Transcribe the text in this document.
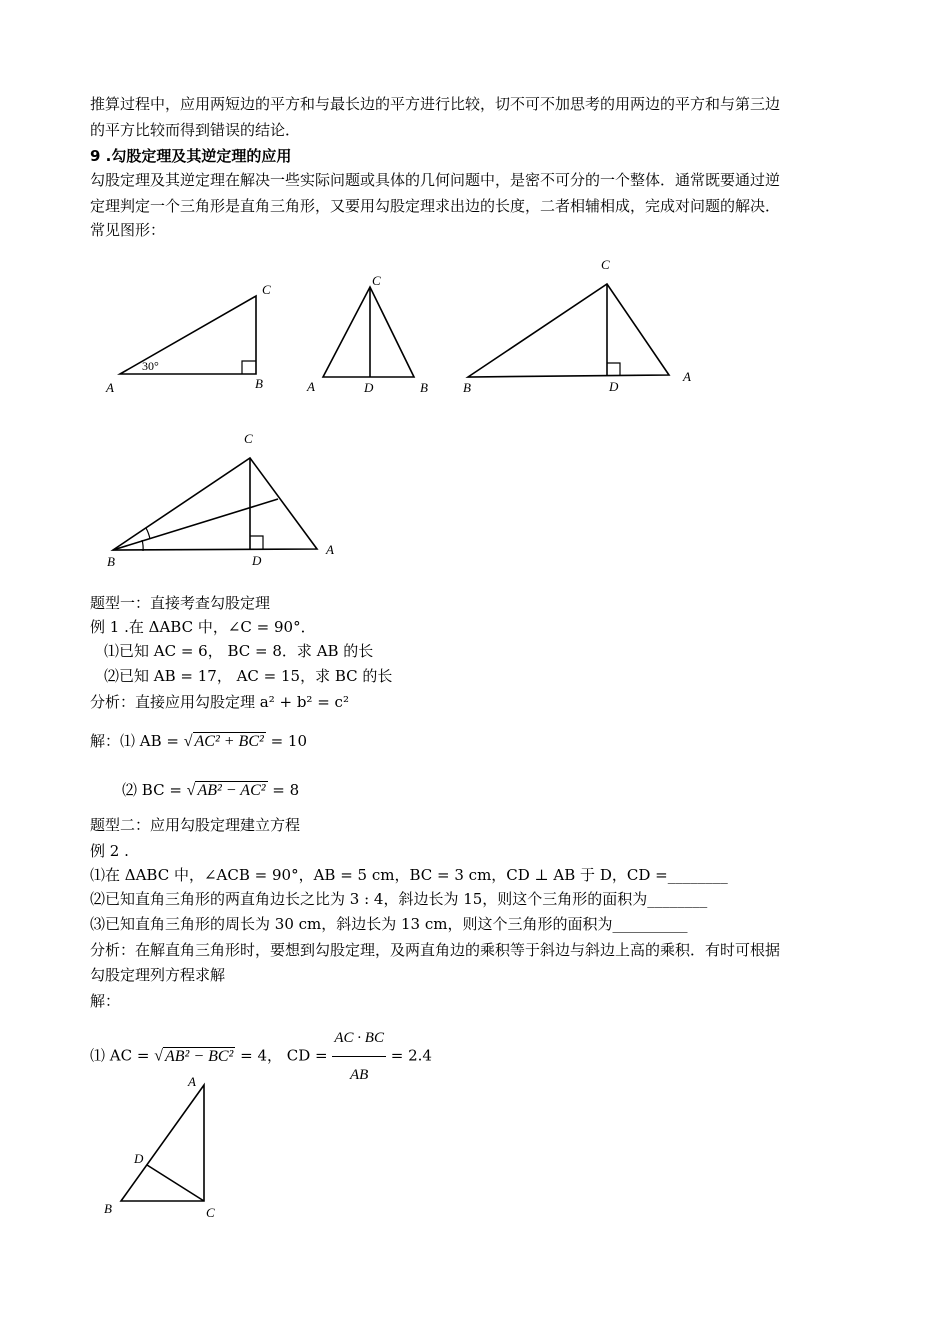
推算过程中，应用两短边的平方和与最长边的平方进行比较，切不可不加思考的用两边的平方和与第三边
的平方比较而得到错误的结论．
9 .勾股定理及其逆定理的应用
勾股定理及其逆定理在解决一些实际问题或具体的几何问题中，是密不可分的一个整体．通常既要通过逆
定理判定一个三角形是直角三角形，又要用勾股定理求出边的长度，二者相辅相成，完成对问题的解决．
常见图形：
A	B
C
30°
A	D	B
C
B	D
A
C
C
B	D
A
A
D
B	C
题型一：直接考查勾股定理
例 1 .在 ΔABC 中，∠C = 90°．
⑴已知 AC = 6， BC = 8．求 AB 的长
⑵已知 AB = 17， AC = 15，求 BC 的长
分析：直接应用勾股定理 a² + b² = c²
解：⑴ AB = √ AC² + BC² = 10
⑵ BC = √ AB² − AC² = 8
题型二：应用勾股定理建立方程
例 2 .
⑴在 ΔABC 中，∠ACB = 90°，AB = 5 cm，BC = 3 cm，CD ⊥ AB 于 D，CD =________
⑵已知直角三角形的两直角边长之比为 3 : 4，斜边长为 15，则这个三角形的面积为________
⑶已知直角三角形的周长为 30 cm，斜边长为 13 cm，则这个三角形的面积为__________
分析：在解直角三角形时，要想到勾股定理，及两直角边的乘积等于斜边与斜边上高的乘积．有时可根据
勾股定理列方程求解
解：
⑴ AC = √ AB² − BC² = 4， CD = $\frac{AC \cdot BC}{AB} = 2.4$
